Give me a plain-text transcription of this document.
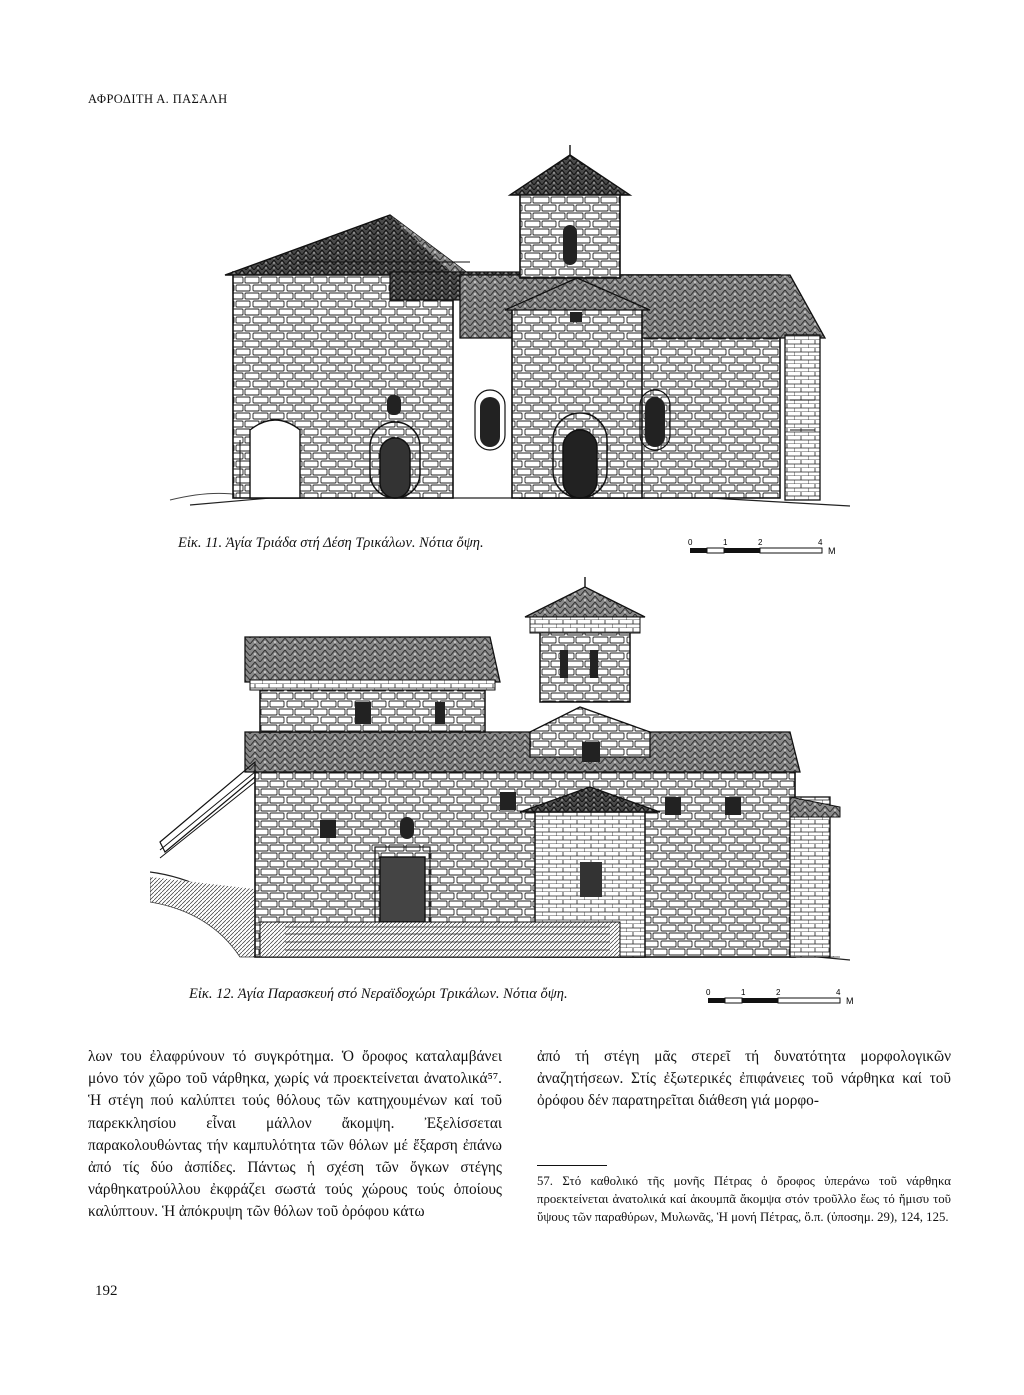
ΑΦΡΟΔΙΤΗ Α. ΠΑΣΑΛΗ
Εἰκ. 11. Ἁγία Τριάδα στή Δέση Τρικάλων. Νότια ὄψη.	0	1	2	4
M
Εἰκ. 12. Ἁγία Παρασκευή στό Νεραϊδοχώρι Τρικάλων. Νότια ὄψη.	0	1	2	4
M

λων του ἐλαφρύνουν τό συγκρότημα. Ὁ ὄροφος καταλαμβάνει μόνο τόν χῶρο τοῦ νάρθηκα, χωρίς νά προεκτείνεται ἀνατολικά⁵⁷. Ἡ στέγη πού καλύπτει τούς θόλους τῶν κατηχουμένων καί τοῦ παρεκκλησίου εἶναι μάλλον ἄκομψη. Ἐξελίσσεται παρακολουθώντας τήν καμπυλότητα τῶν θόλων μέ ἔξαρση ἐπάνω ἀπό τίς δύο ἀσπίδες. Πάντως ἡ σχέση τῶν ὄγκων στέγης νάρθηκατρούλλου ἐκφράζει σωστά τούς χώρους τούς ὁποίους καλύπτουν. Ἡ ἀπόκρυψη τῶν θόλων τοῦ ὀρόφου κάτω

ἀπό τή στέγη μᾶς στερεῖ τή δυνατότητα μορφολογικῶν ἀναζητήσεων. Στίς ἐξωτερικές ἐπιφάνειες τοῦ νάρθηκα καί τοῦ ὀρόφου δέν παρατηρεῖται διάθεση γιά μορφο-

57. Στό καθολικό τῆς μονῆς Πέτρας ὁ ὄροφος ὑπεράνω τοῦ νάρθηκα προεκτείνεται ἀνατολικά καί ἀκουμπᾶ ἄκομψα στόν τροῦλλο ἕως τό ἥμισυ τοῦ ὕψους τῶν παραθύρων, Μυλωνᾶς, Ἡ μονή Πέτρας, ὅ.π. (ὑποσημ. 29), 124, 125.
192
